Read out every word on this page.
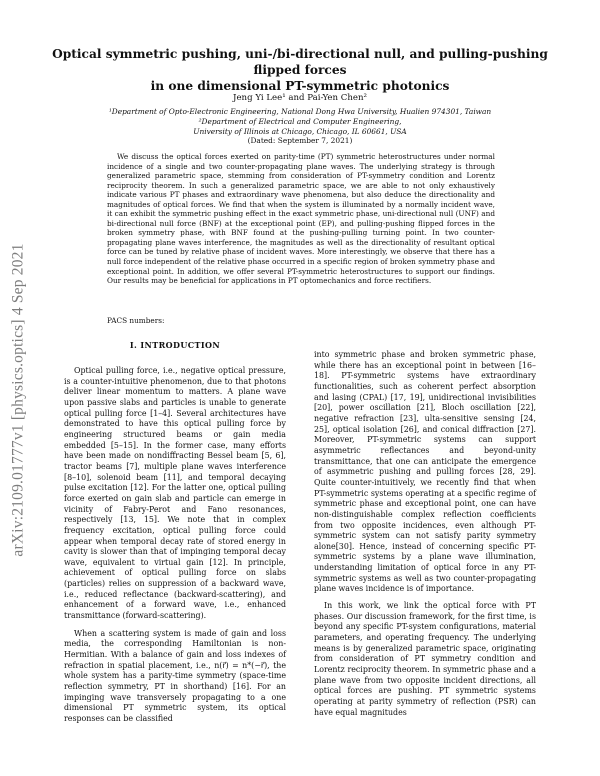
arXiv:2109.01777v1 [physics.optics] 4 Sep 2021
Optical symmetric pushing, uni-/bi-directional null, and pulling-pushing flipped forces
in one dimensional PT-symmetric photonics
Jeng Yi Lee¹ and Pai-Yen Chen²
¹Department of Opto-Electronic Engineering, National Dong Hwa University, Hualien 974301, Taiwan
²Department of Electrical and Computer Engineering,
University of Illinois at Chicago, Chicago, IL 60661, USA
(Dated: September 7, 2021)

We discuss the optical forces exerted on parity-time (PT) symmetric heterostructures under normal incidence of a single and two counter-propagating plane waves. The underlying strategy is through generalized parametric space, stemming from consideration of PT-symmetry condition and Lorentz reciprocity theorem. In such a generalized parametric space, we are able to not only exhaustively indicate various PT phases and extraordinary wave phenomena, but also deduce the directionality and magnitudes of optical forces. We find that when the system is illuminated by a normally incident wave, it can exhibit the symmetric pushing effect in the exact symmetric phase, uni-directional null (UNF) and bi-directional null force (BNF) at the exceptional point (EP), and pulling-pushing flipped forces in the broken symmetry phase, with BNF found at the pushing-pulling turning point. In two counter-propagating plane waves interference, the magnitudes as well as the directionality of resultant optical force can be tuned by relative phase of incident waves. More interestingly, we observe that there has a null force independent of the relative phase occurred in a specific region of broken symmetry phase and exceptional point. In addition, we offer several PT-symmetric heterostructures to support our findings. Our results may be beneficial for applications in PT optomechanics and force rectifiers.

PACS numbers:
I. INTRODUCTION

Optical pulling force, i.e., negative optical pressure, is a counter-intuitive phenomenon, due to that photons deliver linear momentum to matters. A plane wave upon passive slabs and particles is unable to generate optical pulling force [1–4]. Several architectures have demonstrated to have this optical pulling force by engineering structured beams or gain media embedded [5–15]. In the former case, many efforts have been made on nondiffracting Bessel beam [5, 6], tractor beams [7], multiple plane waves interference [8–10], solenoid beam [11], and temporal decaying pulse excitation [12]. For the latter one, optical pulling force exerted on gain slab and particle can emerge in vicinity of Fabry-Perot and Fano resonances, respectively [13, 15]. We note that in complex frequency excitation, optical pulling force could appear when temporal decay rate of stored energy in cavity is slower than that of impinging temporal decay wave, equivalent to virtual gain [12]. In principle, achievement of optical pulling force on slabs (particles) relies on suppression of a backward wave, i.e., reduced reflectance (backward-scattering), and enhancement of a forward wave, i.e., enhanced transmittance (forward-scattering).

When a scattering system is made of gain and loss media, the corresponding Hamiltonian is non-Hermitian. With a balance of gain and loss indexes of refraction in spatial placement, i.e., n(r⃗) = n*(−r⃗), the whole system has a parity-time symmetry (space-time reflection symmetry, PT in shorthand) [16]. For an impinging wave transversely propagating to a one dimensional PT symmetric system, its optical responses can be classified

into symmetric phase and broken symmetric phase, while there has an exceptional point in between [16–18]. PT-symmetric systems have extraordinary functionalities, such as coherent perfect absorption and lasing (CPAL) [17, 19], unidirectional invisibilities [20], power oscillation [21], Bloch oscillation [22], negative refraction [23], ulta-sensitive sensing [24, 25], optical isolation [26], and conical diffraction [27]. Moreover, PT-symmetric systems can support asymmetric reflectances and beyond-unity transmittance, that one can anticipate the emergence of asymmetric pushing and pulling forces [28, 29]. Quite counter-intuitively, we recently find that when PT-symmetric systems operating at a specific regime of symmetric phase and exceptional point, one can have non-distinguishable complex reflection coefficients from two opposite incidences, even although PT-symmetric system can not satisfy parity symmetry alone[30]. Hence, instead of concerning specific PT-symmetric systems by a plane wave illumination, understanding limitation of optical force in any PT-symmetric systems as well as two counter-propagating plane waves incidence is of importance.

In this work, we link the optical force with PT phases. Our discussion framework, for the first time, is beyond any specific PT-system configurations, material parameters, and operating frequency. The underlying means is by generalized parametric space, originating from consideration of PT symmetry condition and Lorentz reciprocity theorem. In symmetric phase and a plane wave from two opposite incident directions, all optical forces are pushing. PT symmetric systems operating at parity symmetry of reflection (PSR) can have equal magnitudes
